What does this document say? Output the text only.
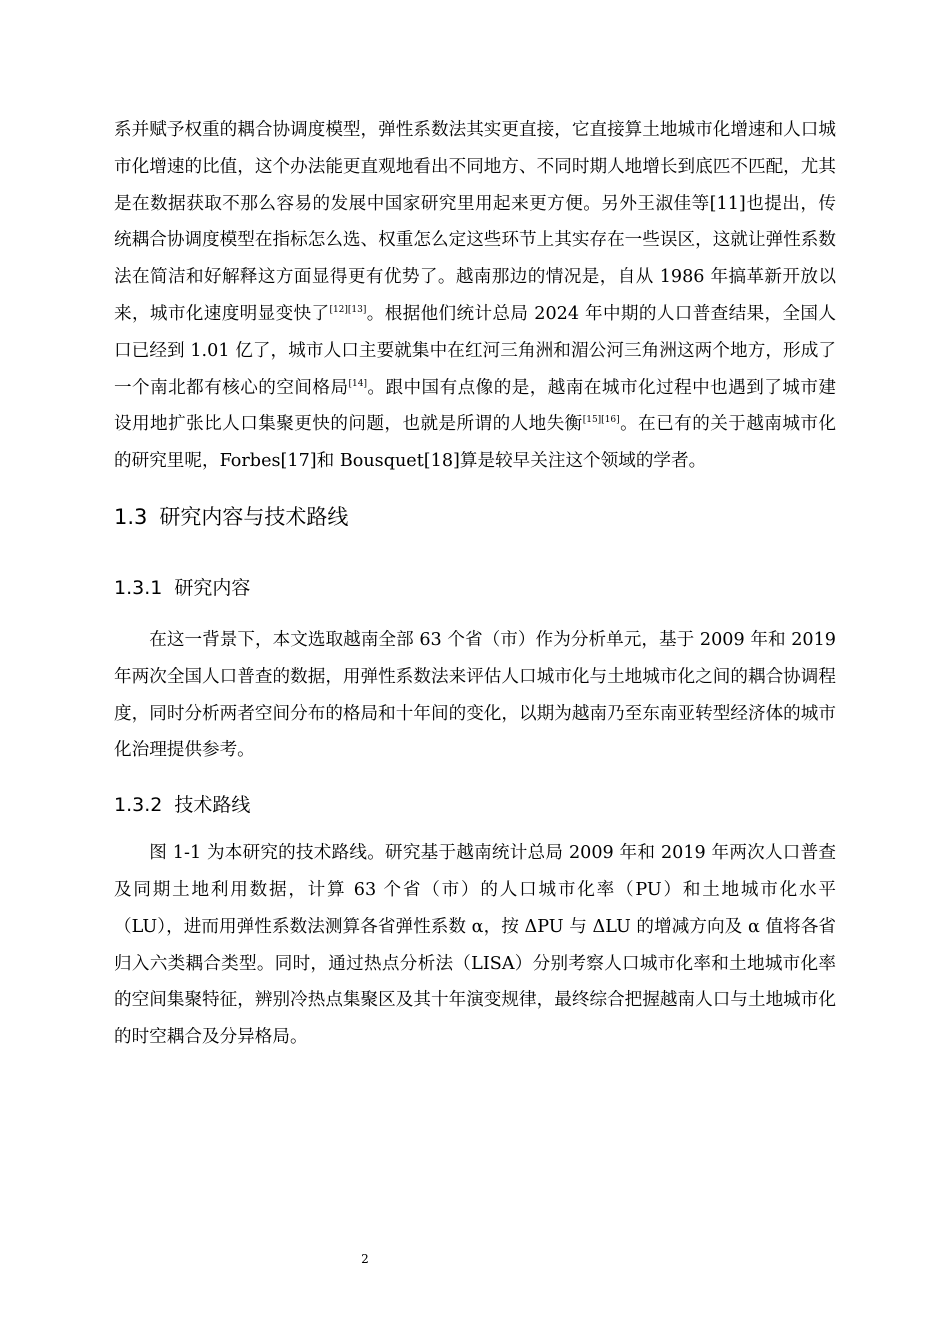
系并赋予权重的耦合协调度模型，弹性系数法其实更直接，它直接算土地城市化增速和人口城市化增速的比值，这个办法能更直观地看出不同地方、不同时期人地增长到底匹不匹配，尤其是在数据获取不那么容易的发展中国家研究里用起来更方便。另外王淑佳等[11]也提出，传统耦合协调度模型在指标怎么选、权重怎么定这些环节上其实存在一些误区，这就让弹性系数法在简洁和好解释这方面显得更有优势了。越南那边的情况是，自从 1986 年搞革新开放以来，城市化速度明显变快了[12][13]。根据他们统计总局 2024 年中期的人口普查结果，全国人口已经到 1.01 亿了，城市人口主要就集中在红河三角洲和湄公河三角洲这两个地方，形成了一个南北都有核心的空间格局[14]。跟中国有点像的是，越南在城市化过程中也遇到了城市建设用地扩张比人口集聚更快的问题，也就是所谓的人地失衡[15][16]。在已有的关于越南城市化的研究里呢，Forbes[17]和 Bousquet[18]算是较早关注这个领域的学者。

1.3 研究内容与技术路线
1.3.1 研究内容

在这一背景下，本文选取越南全部 63 个省（市）作为分析单元，基于 2009 年和 2019 年两次全国人口普查的数据，用弹性系数法来评估人口城市化与土地城市化之间的耦合协调程度，同时分析两者空间分布的格局和十年间的变化，以期为越南乃至东南亚转型经济体的城市化治理提供参考。

1.3.2 技术路线

图 1-1 为本研究的技术路线。研究基于越南统计总局 2009 年和 2019 年两次人口普查及同期土地利用数据，计算 63 个省（市）的人口城市化率（PU）和土地城市化水平（LU），进而用弹性系数法测算各省弹性系数 α，按 ΔPU 与 ΔLU 的增减方向及 α 值将各省归入六类耦合类型。同时，通过热点分析法（LISA）分别考察人口城市化率和土地城市化率的空间集聚特征，辨别冷热点集聚区及其十年演变规律，最终综合把握越南人口与土地城市化的时空耦合及分异格局。

2
